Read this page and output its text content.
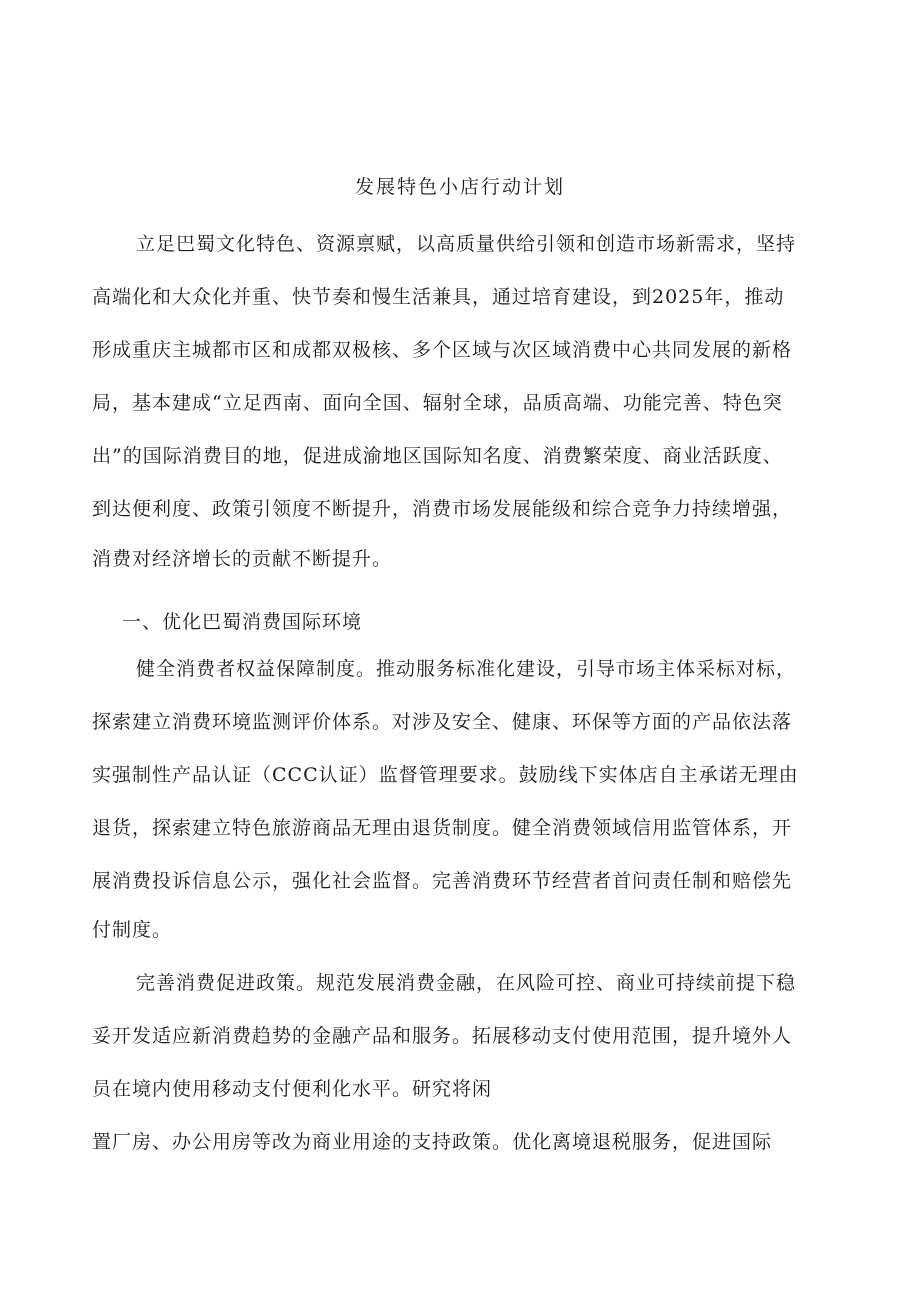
发展特色小店行动计划

立足巴蜀文化特色、资源禀赋，以高质量供给引领和创造市场新需求，坚持

高端化和大众化并重、快节奏和慢生活兼具，通过培育建设，到2025年，推动

形成重庆主城都市区和成都双极核、多个区域与次区域消费中心共同发展的新格

局，基本建成“立足西南、面向全国、辐射全球，品质高端、功能完善、特色突

出”的国际消费目的地，促进成渝地区国际知名度、消费繁荣度、商业活跃度、

到达便利度、政策引领度不断提升，消费市场发展能级和综合竞争力持续增强，

消费对经济增长的贡献不断提升。

一、优化巴蜀消费国际环境

健全消费者权益保障制度。推动服务标准化建设，引导市场主体采标对标，

探索建立消费环境监测评价体系。对涉及安全、健康、环保等方面的产品依法落

实强制性产品认证（CCC认证）监督管理要求。鼓励线下实体店自主承诺无理由

退货，探索建立特色旅游商品无理由退货制度。健全消费领域信用监管体系，开

展消费投诉信息公示，强化社会监督。完善消费环节经营者首问责任制和赔偿先

付制度。

完善消费促进政策。规范发展消费金融，在风险可控、商业可持续前提下稳

妥开发适应新消费趋势的金融产品和服务。拓展移动支付使用范围，提升境外人

员在境内使用移动支付便利化水平。研究将闲

置厂房、办公用房等改为商业用途的支持政策。优化离境退税服务，促进国际
